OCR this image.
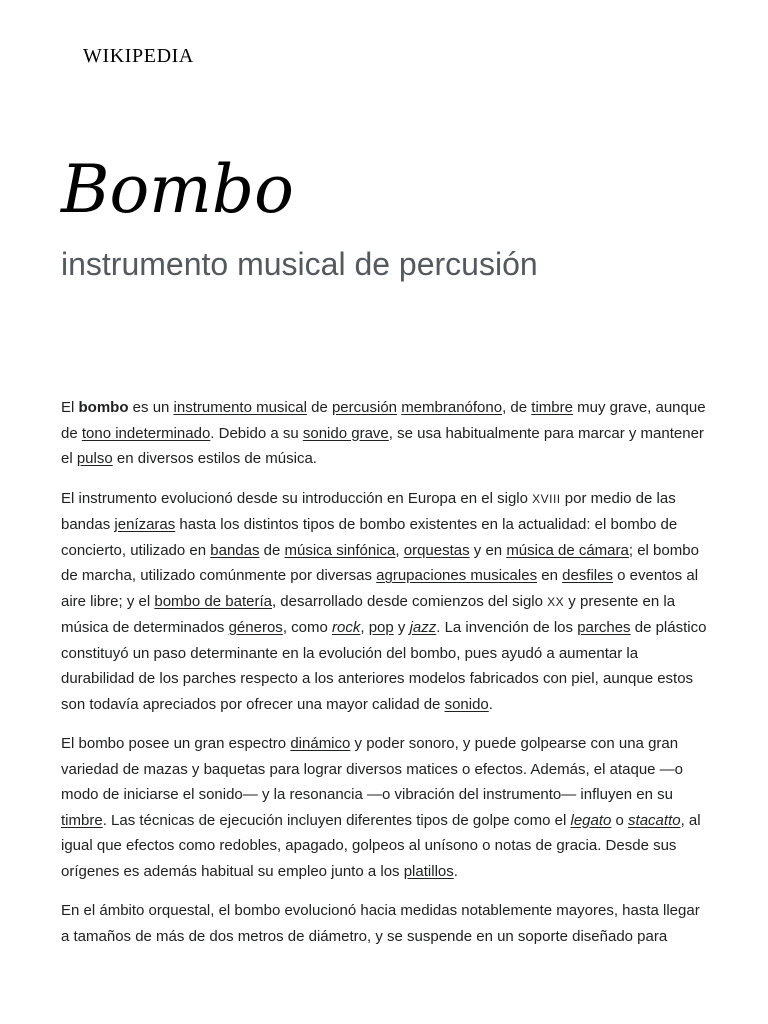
WIKIPEDIA
Bombo
instrumento musical de percusión

El bombo es un instrumento musical de percusión membranófono, de timbre muy grave, aunque
de tono indeterminado. Debido a su sonido grave, se usa habitualmente para marcar y mantener
el pulso en diversos estilos de música.

El instrumento evolucionó desde su introducción en Europa en el siglo XVIII por medio de las
bandas jenízaras hasta los distintos tipos de bombo existentes en la actualidad: el bombo de
concierto, utilizado en bandas de música sinfónica, orquestas y en música de cámara; el bombo
de marcha, utilizado comúnmente por diversas agrupaciones musicales en desfiles o eventos al
aire libre; y el bombo de batería, desarrollado desde comienzos del siglo XX y presente en la
música de determinados géneros, como rock, pop y jazz. La invención de los parches de plástico
constituyó un paso determinante en la evolución del bombo, pues ayudó a aumentar la
durabilidad de los parches respecto a los anteriores modelos fabricados con piel, aunque estos
son todavía apreciados por ofrecer una mayor calidad de sonido.

El bombo posee un gran espectro dinámico y poder sonoro, y puede golpearse con una gran
variedad de mazas y baquetas para lograr diversos matices o efectos. Además, el ataque —o
modo de iniciarse el sonido— y la resonancia —o vibración del instrumento— influyen en su
timbre. Las técnicas de ejecución incluyen diferentes tipos de golpe como el legato o stacatto, al
igual que efectos como redobles, apagado, golpeos al unísono o notas de gracia. Desde sus
orígenes es además habitual su empleo junto a los platillos.

En el ámbito orquestal, el bombo evolucionó hacia medidas notablemente mayores, hasta llegar
a tamaños de más de dos metros de diámetro, y se suspende en un soporte diseñado para
